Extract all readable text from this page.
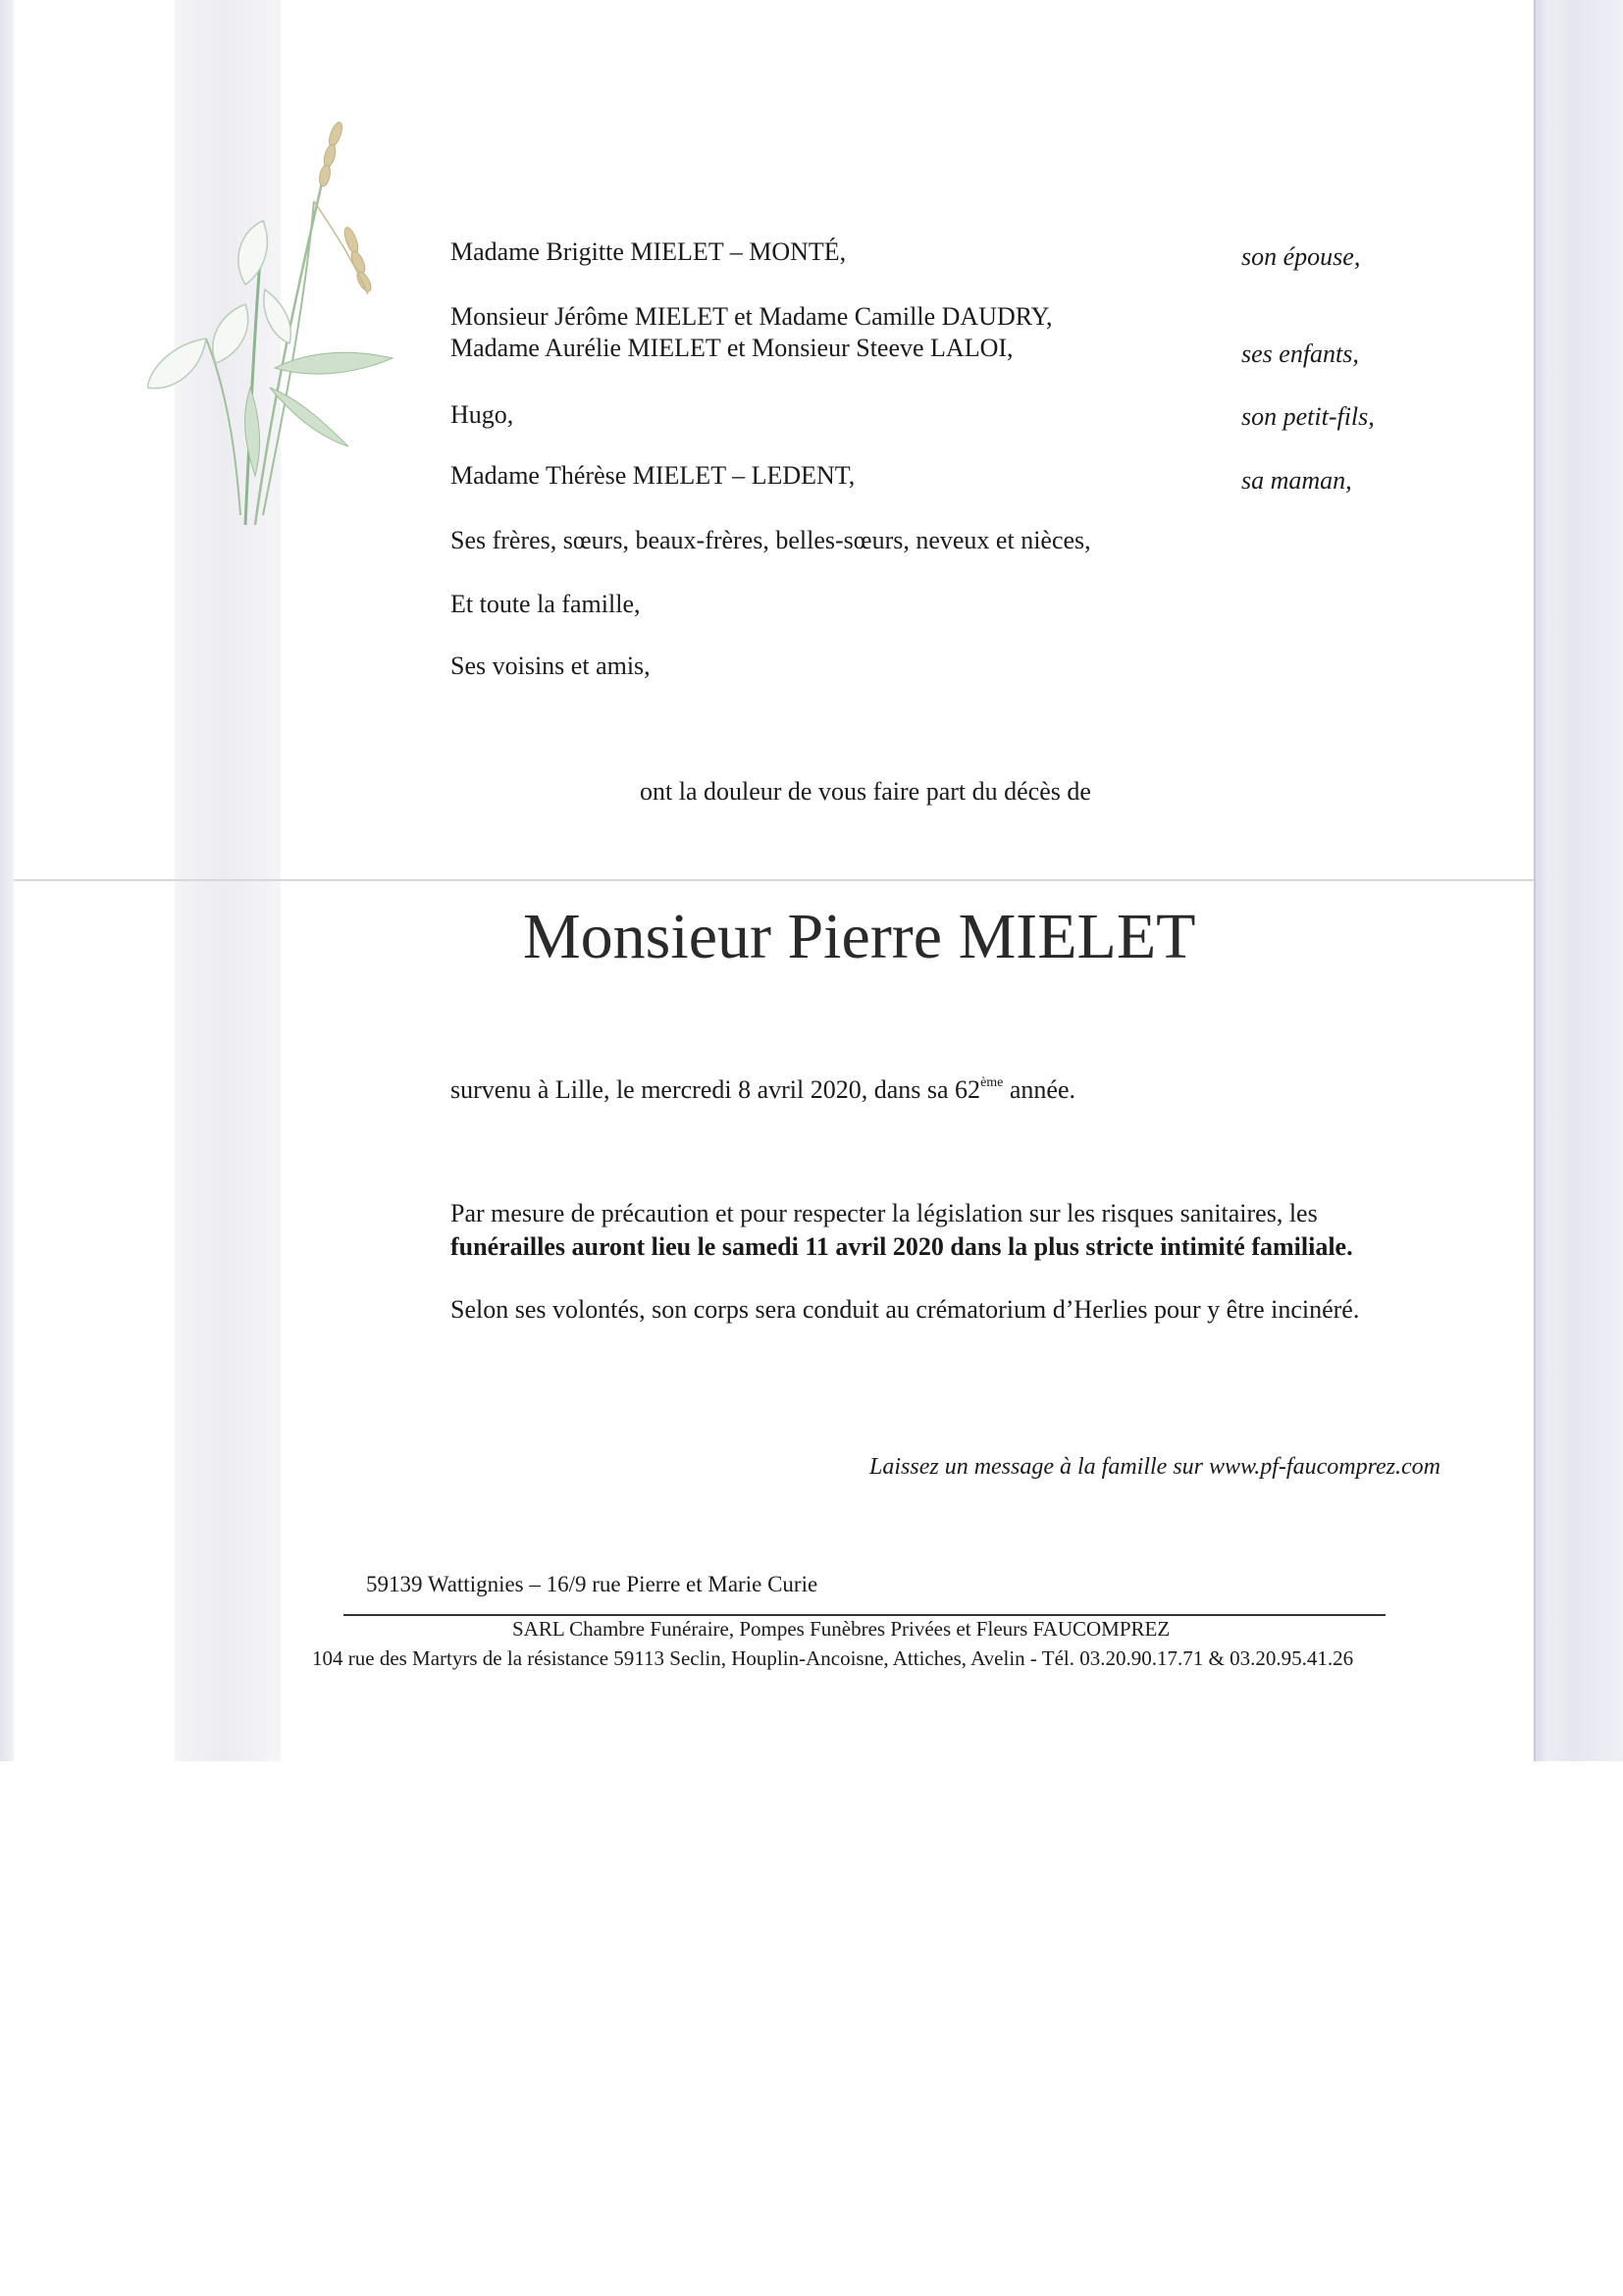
Madame Brigitte MIELET – MONTÉ,	son épouse,
Monsieur Jérôme MIELET et Madame Camille DAUDRY,
Madame Aurélie MIELET et Monsieur Steeve LALOI,	ses enfants,
Hugo,	son petit-fils,
Madame Thérèse MIELET – LEDENT,	sa maman,
Ses frères, sœurs, beaux-frères, belles-sœurs, neveux et nièces,
Et toute la famille,
Ses voisins et amis,
ont la douleur de vous faire part du décès de
Monsieur Pierre MIELET
survenu à Lille, le mercredi 8 avril 2020, dans sa 62ème année.
Par mesure de précaution et pour respecter la législation sur les risques sanitaires, les
funérailles auront lieu le samedi 11 avril 2020 dans la plus stricte intimité familiale.
Selon ses volontés, son corps sera conduit au crématorium d’Herlies pour y être incinéré.
Laissez un message à la famille sur www.pf-faucomprez.com
59139 Wattignies – 16/9 rue Pierre et Marie Curie
SARL Chambre Funéraire, Pompes Funèbres Privées et Fleurs FAUCOMPREZ
104 rue des Martyrs de la résistance 59113 Seclin, Houplin-Ancoisne, Attiches, Avelin - Tél. 03.20.90.17.71 & 03.20.95.41.26
